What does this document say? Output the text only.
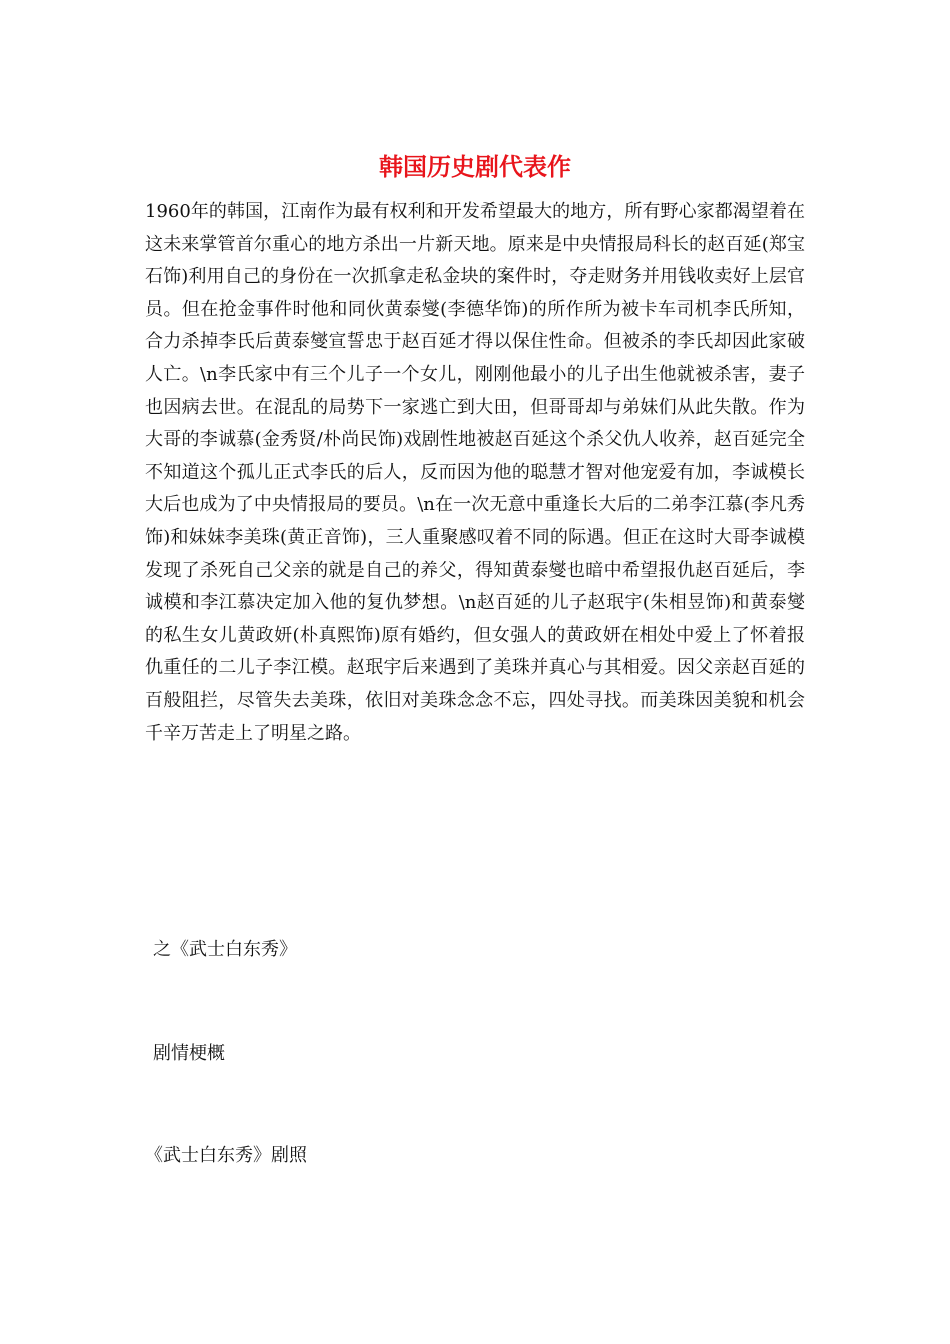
韩国历史剧代表作

1960年的韩国，江南作为最有权利和开发希望最大的地方，所有野心家都渴望着在这未来掌管首尔重心的地方杀出一片新天地。原来是中央情报局科长的赵百延(郑宝石饰)利用自己的身份在一次抓拿走私金块的案件时，夺走财务并用钱收卖好上层官员。但在抢金事件时他和同伙黄泰燮(李德华饰)的所作所为被卡车司机李氏所知，合力杀掉李氏后黄泰燮宣誓忠于赵百延才得以保住性命。但被杀的李氏却因此家破人亡。\n李氏家中有三个儿子一个女儿，刚刚他最小的儿子出生他就被杀害，妻子也因病去世。在混乱的局势下一家逃亡到大田，但哥哥却与弟妹们从此失散。作为大哥的李诚慕(金秀贤/朴尚民饰)戏剧性地被赵百延这个杀父仇人收养，赵百延完全不知道这个孤儿正式李氏的后人，反而因为他的聪慧才智对他宠爱有加，李诚模长大后也成为了中央情报局的要员。\n在一次无意中重逢长大后的二弟李江慕(李凡秀饰)和妹妹李美珠(黄正音饰)，三人重聚感叹着不同的际遇。但正在这时大哥李诚模发现了杀死自己父亲的就是自己的养父，得知黄泰燮也暗中希望报仇赵百延后，李诚模和李江慕决定加入他的复仇梦想。\n赵百延的儿子赵珉宇(朱相昱饰)和黄泰燮的私生女儿黄政妍(朴真熙饰)原有婚约，但女强人的黄政妍在相处中爱上了怀着报仇重任的二儿子李江模。赵珉宇后来遇到了美珠并真心与其相爱。因父亲赵百延的百般阻拦，尽管失去美珠，依旧对美珠念念不忘，四处寻找。而美珠因美貌和机会千辛万苦走上了明星之路。

之《武士白东秀》

剧情梗概

《武士白东秀》剧照
